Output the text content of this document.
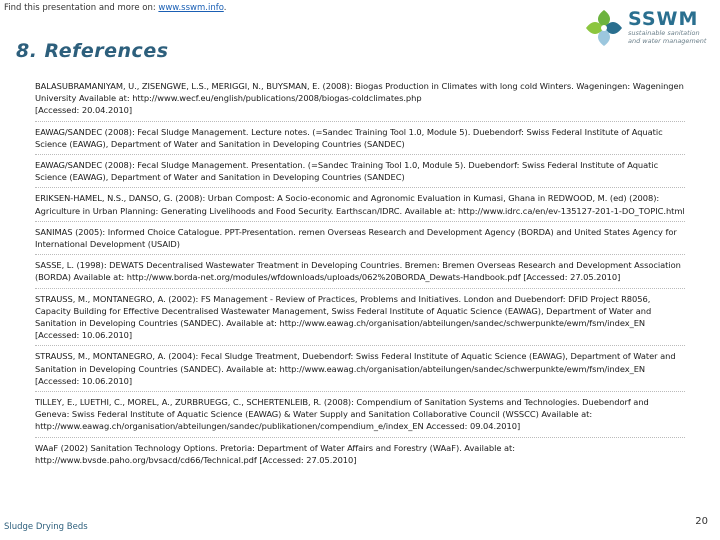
Find this presentation and more on: www.sswm.info.	SSWM
sustainable sanitation
and water management
8. References

BALASUBRAMANIYAM, U., ZISENGWE, L.S., MERIGGI, N., BUYSMAN, E. (2008): Biogas Production in Climates with long cold Winters. Wageningen: Wageningen University Available at: http://www.wecf.eu/english/publications/2008/biogas-coldclimates.php
[Accessed: 20.04.2010]

EAWAG/SANDEC (2008): Fecal Sludge Management. Lecture notes. (=Sandec Training Tool 1.0, Module 5). Duebendorf: Swiss Federal Institute of Aquatic Science (EAWAG), Department of Water and Sanitation in Developing Countries (SANDEC)

EAWAG/SANDEC (2008): Fecal Sludge Management. Presentation. (=Sandec Training Tool 1.0, Module 5). Duebendorf: Swiss Federal Institute of Aquatic Science (EAWAG), Department of Water and Sanitation in Developing Countries (SANDEC)

ERIKSEN-HAMEL, N.S., DANSO, G. (2008): Urban Compost: A Socio-economic and Agronomic Evaluation in Kumasi, Ghana in REDWOOD, M. (ed) (2008): Agriculture in Urban Planning: Generating Livelihoods and Food Security. Earthscan/IDRC. Available at: http://www.idrc.ca/en/ev-135127-201-1-DO_TOPIC.html

SANIMAS (2005): Informed Choice Catalogue. PPT-Presentation. remen Overseas Research and Development Agency (BORDA) and United States Agency for International Development (USAID)

SASSE, L. (1998): DEWATS Decentralised Wastewater Treatment in Developing Countries. Bremen: Bremen Overseas Research and Development Association (BORDA) Available at: http://www.borda-net.org/modules/wfdownloads/uploads/062%20BORDA_Dewats-Handbook.pdf [Accessed: 27.05.2010]

STRAUSS, M., MONTANEGRO, A. (2002): FS Management - Review of Practices, Problems and Initiatives. London and Duebendorf: DFID Project R8056, Capacity Building for Effective Decentralised Wastewater Management, Swiss Federal Institute of Aquatic Science (EAWAG), Department of Water and Sanitation in Developing Countries (SANDEC). Available at: http://www.eawag.ch/organisation/abteilungen/sandec/schwerpunkte/ewm/fsm/index_EN [Accessed: 10.06.2010]

STRAUSS, M., MONTANEGRO, A. (2004): Fecal Sludge Treatment, Duebendorf: Swiss Federal Institute of Aquatic Science (EAWAG), Department of Water and Sanitation in Developing Countries (SANDEC). Available at: http://www.eawag.ch/organisation/abteilungen/sandec/schwerpunkte/ewm/fsm/index_EN [Accessed: 10.06.2010]

TILLEY, E., LUETHI, C., MOREL, A., ZURBRUEGG, C., SCHERTENLEIB, R. (2008): Compendium of Sanitation Systems and Technologies. Duebendorf and Geneva: Swiss Federal Institute of Aquatic Science (EAWAG) & Water Supply and Sanitation Collaborative Council (WSSCC) Available at: http://www.eawag.ch/organisation/abteilungen/sandec/publikationen/compendium_e/index_EN Accessed: 09.04.2010]

WAaF (2002) Sanitation Technology Options. Pretoria: Department of Water Affairs and Forestry (WAaF). Available at: http://www.bvsde.paho.org/bvsacd/cd66/Technical.pdf [Accessed: 27.05.2010]

Sludge Drying Beds	20
